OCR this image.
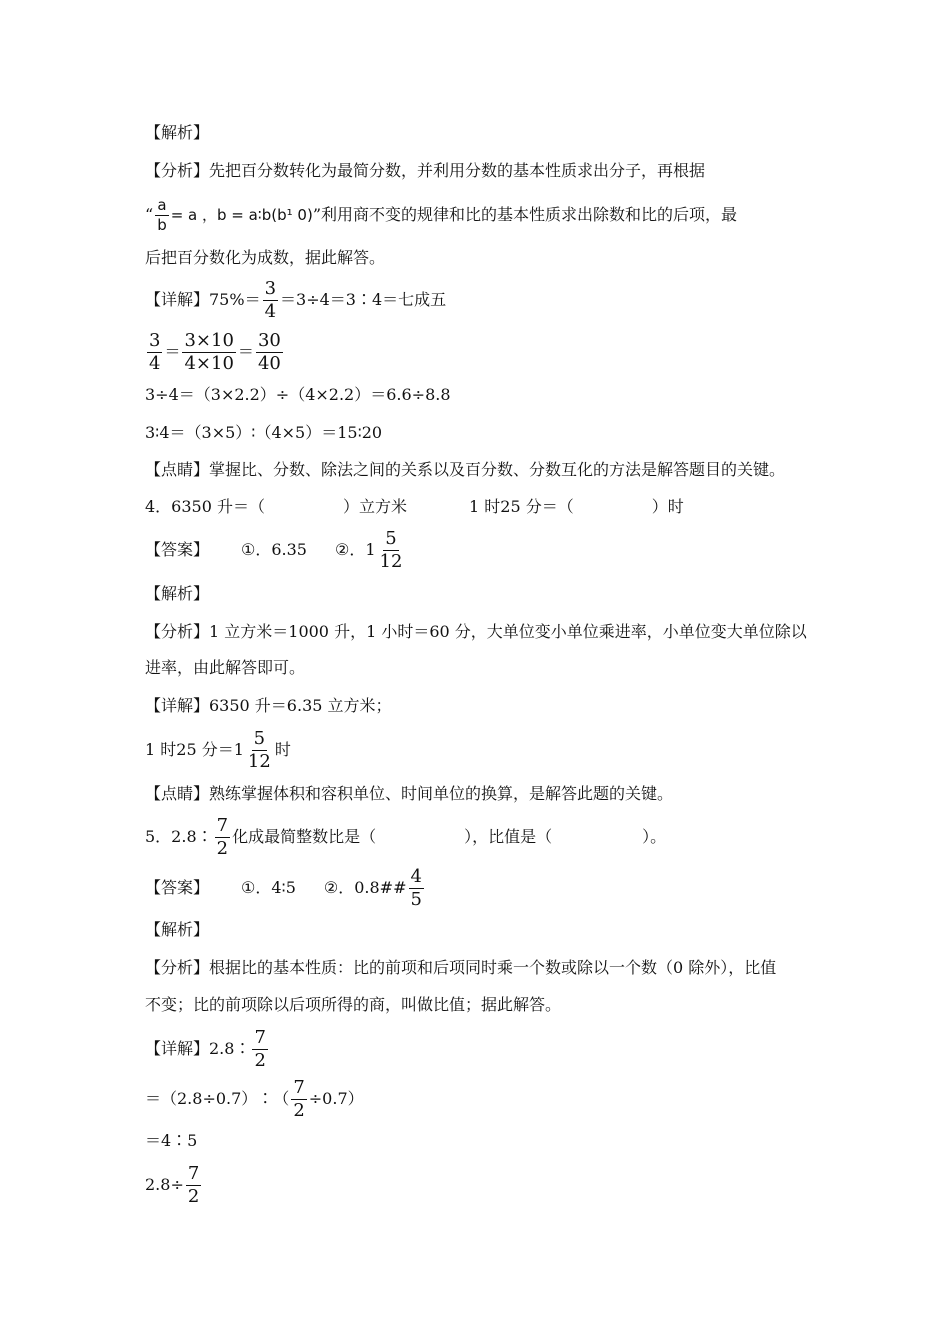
【解析】
【分析】先把百分数转化为最简分数，并利用分数的基本性质求出分子，再根据
“ $\frac{a}{b} = a$ ，b = a∶b(b¹ 0) ” 利用商不变的规律和比的基本性质求出除数和比的后项，最
后把百分数化为成数，据此解答。
【详解】$75\%= \frac{3}{4}$ ＝3÷4＝3∶4＝七成五
$\frac{3}{4} = \frac{3\times 10}{4\times 10} = \frac{30}{40}$
3÷4＝（3×2.2）÷（4×2.2）＝6.6÷8.8
3∶4＝（3×5）∶（4×5）＝15∶20
【点睛】掌握比、分数、除法之间的关系以及百分数、分数互化的方法是解答题目的关键。
4．6350 升＝（	）立方米	1 时25 分＝（	）时
【答案】 ①．6.35 ②．$1 \frac{5}{12}$
【解析】
【分析】1 立方米＝1000 升，1 小时＝60 分，大单位变小单位乘进率，小单位变大单位除以
进率，由此解答即可。
【详解】6350 升＝6.35 立方米；
1 时25 分$=1 \frac{5}{12}$ 时
【点睛】熟练掌握体积和容积单位、时间单位的换算，是解答此题的关键。
5．2.8∶ $\frac{7}{2}$ 化成最简整数比是（	），比值是（	）。
【答案】 ①．4∶5 ②．0.8## $\frac{4}{5}$
【解析】
【分析】根据比的基本性质：比的前项和后项同时乘一个数或除以一个数（0 除外），比值
不变；比的前项除以后项所得的商，叫做比值；据此解答。
【详解】2.8∶ $\frac{7}{2}$
＝（2.8÷0.7）∶（ $\frac{7}{2} \div 0.7$）
＝4∶5
$2.8\div \frac{7}{2}$
